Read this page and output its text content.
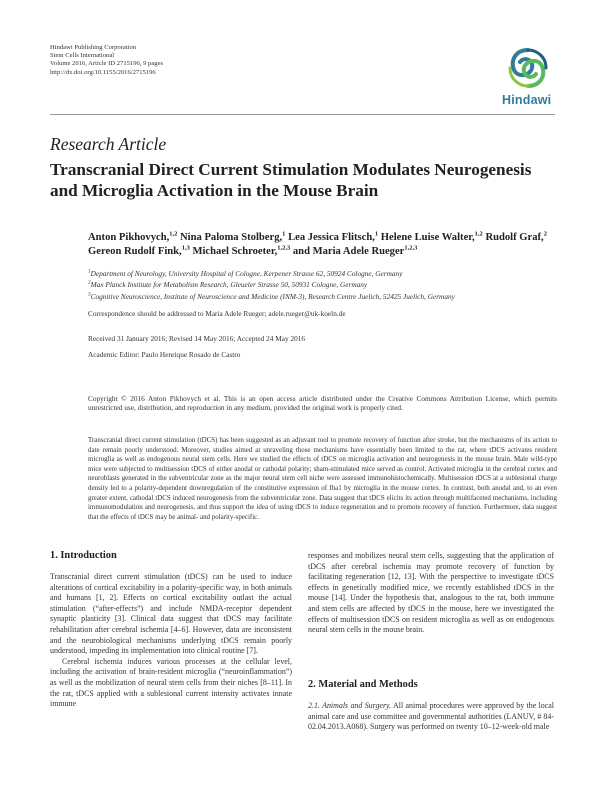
Hindawi Publishing Corporation
Stem Cells International
Volume 2016, Article ID 2715196, 9 pages
http://dx.doi.org/10.1155/2016/2715196
Hindawi
Research Article
Transcranial Direct Current Stimulation Modulates Neurogenesis and Microglia Activation in the Mouse Brain
Anton Pikhovych,$^{1,2}$ Nina Paloma Stolberg,$^1$ Lea Jessica Flitsch,$^1$ Helene Luise Walter,$^{1,2}$ Rudolf Graf,$^2$ Gereon Rudolf Fink,$^{1,3}$ Michael Schroeter,$^{1,2,3}$ and Maria Adele Rueger$^{1,2,3}$
$^1$Department of Neurology, University Hospital of Cologne, Kerpener Strasse 62, 50924 Cologne, Germany
$^2$Max Planck Institute for Metabolism Research, Gleueler Strasse 50, 50931 Cologne, Germany
$^3$Cognitive Neuroscience, Institute of Neuroscience and Medicine (INM-3), Research Centre Juelich, 52425 Juelich, Germany
Correspondence should be addressed to Maria Adele Rueger; adele.rueger@uk-koeln.de
Received 31 January 2016; Revised 14 May 2016; Accepted 24 May 2016
Academic Editor: Paulo Henrique Rosado de Castro
Copyright © 2016 Anton Pikhovych et al. This is an open access article distributed under the Creative Commons Attribution License, which permits unrestricted use, distribution, and reproduction in any medium, provided the original work is properly cited.
Transcranial direct current stimulation (tDCS) has been suggested as an adjuvant tool to promote recovery of function after stroke, but the mechanisms of its action to date remain poorly understood. Moreover, studies aimed at unraveling those mechanisms have essentially been limited to the rat, where tDCS activates resident microglia as well as endogenous neural stem cells. Here we studied the effects of tDCS on microglia activation and neurogenesis in the mouse brain. Male wild-type mice were subjected to multisession tDCS of either anodal or cathodal polarity; sham-stimulated mice served as control. Activated microglia in the cerebral cortex and neuroblasts generated in the subventricular zone as the major neural stem cell niche were assessed immunohistochemically. Multisession tDCS at a sublesional charge density led to a polarity-dependent downregulation of the constitutive expression of Iba1 by microglia in the mouse cortex. In contrast, both anodal and, to an even greater extent, cathodal tDCS induced neurogenesis from the subventricular zone. Data suggest that tDCS elicits its action through multifaceted mechanisms, including immunomodulation and neurogenesis, and thus support the idea of using tDCS to induce regeneration and to promote recovery of function. Furthermore, data suggest that the effects of tDCS may be animal- and polarity-specific.
1. Introduction

Transcranial direct current stimulation (tDCS) can be used to induce alterations of cortical excitability in a polarity-specific way, in both animals and humans [1, 2]. Effects on cortical excitability outlast the actual stimulation (“after-effects”) and include NMDA-receptor dependent synaptic plasticity [3]. Clinical data suggest that tDCS may facilitate rehabilitation after cerebral ischemia [4–6]. However, data are inconsistent and the neurobiological mechanisms underlying tDCS remain poorly understood, impeding its implementation into clinical routine [7].

Cerebral ischemia induces various processes at the cellular level, including the activation of brain-resident microglia (“neuroinflammation”) as well as the mobilization of neural stem cells from their niches [8–11]. In the rat, tDCS applied with a sublesional current intensity activates innate immune

responses and mobilizes neural stem cells, suggesting that the application of tDCS after cerebral ischemia may promote recovery of function by facilitating regeneration [12, 13]. With the perspective to investigate tDCS effects in genetically modified mice, we recently established tDCS in the mouse [14]. Under the hypothesis that, analogous to the rat, both immune and stem cells are affected by tDCS in the mouse, here we investigated the effects of multisession tDCS on resident microglia as well as on endogenous neural stem cells in the mouse brain.

2. Material and Methods

2.1. Animals and Surgery. All animal procedures were approved by the local animal care and use committee and governmental authorities (LANUV, # 84-02.04.2013.A068). Surgery was performed on twenty 10–12-week-old male
